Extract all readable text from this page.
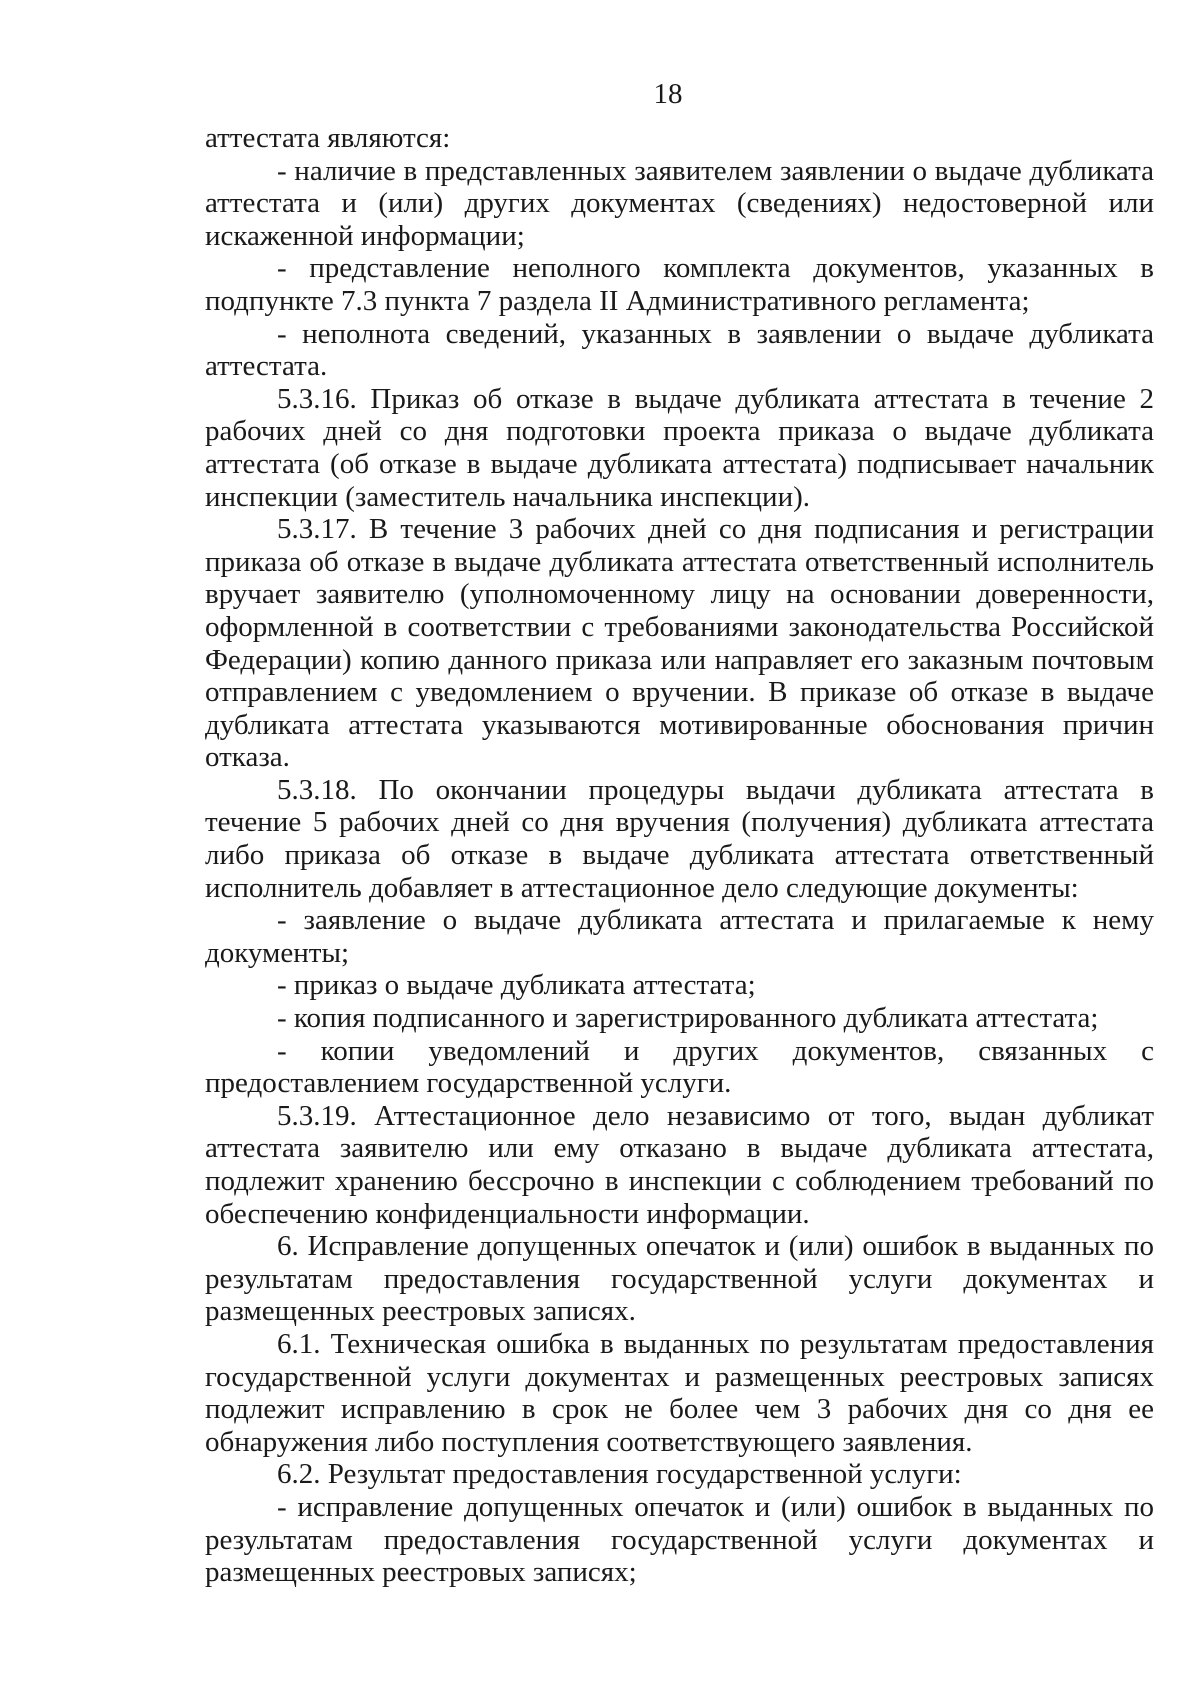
18

аттестата являются:

- наличие в представленных заявителем заявлении о выдаче дубликата аттестата и (или) других документах (сведениях) недостоверной или искаженной информации;

- представление неполного комплекта документов, указанных в подпункте 7.3 пункта 7 раздела II Административного регламента;

- неполнота сведений, указанных в заявлении о выдаче дубликата аттестата.

5.3.16. Приказ об отказе в выдаче дубликата аттестата в течение 2 рабочих дней со дня подготовки проекта приказа о выдаче дубликата аттестата (об отказе в выдаче дубликата аттестата) подписывает начальник инспекции (заместитель начальника инспекции).

5.3.17. В течение 3 рабочих дней со дня подписания и регистрации приказа об отказе в выдаче дубликата аттестата ответственный исполнитель вручает заявителю (уполномоченному лицу на основании доверенности, оформленной в соответствии с требованиями законодательства Российской Федерации) копию данного приказа или направляет его заказным почтовым отправлением с уведомлением о вручении. В приказе об отказе в выдаче дубликата аттестата указываются мотивированные обоснования причин отказа.

5.3.18. По окончании процедуры выдачи дубликата аттестата в течение 5 рабочих дней со дня вручения (получения) дубликата аттестата либо приказа об отказе в выдаче дубликата аттестата ответственный исполнитель добавляет в аттестационное дело следующие документы:

- заявление о выдаче дубликата аттестата и прилагаемые к нему документы;

- приказ о выдаче дубликата аттестата;

- копия подписанного и зарегистрированного дубликата аттестата;

- копии уведомлений и других документов, связанных с предоставлением государственной услуги.

5.3.19. Аттестационное дело независимо от того, выдан дубликат аттестата заявителю или ему отказано в выдаче дубликата аттестата, подлежит хранению бессрочно в инспекции с соблюдением требований по обеспечению конфиденциальности информации.

6. Исправление допущенных опечаток и (или) ошибок в выданных по результатам предоставления государственной услуги документах и размещенных реестровых записях.

6.1. Техническая ошибка в выданных по результатам предоставления государственной услуги документах и размещенных реестровых записях подлежит исправлению в срок не более чем 3 рабочих дня со дня ее обнаружения либо поступления соответствующего заявления.

6.2. Результат предоставления государственной услуги:

- исправление допущенных опечаток и (или) ошибок в выданных по результатам предоставления государственной услуги документах и размещенных реестровых записях;
